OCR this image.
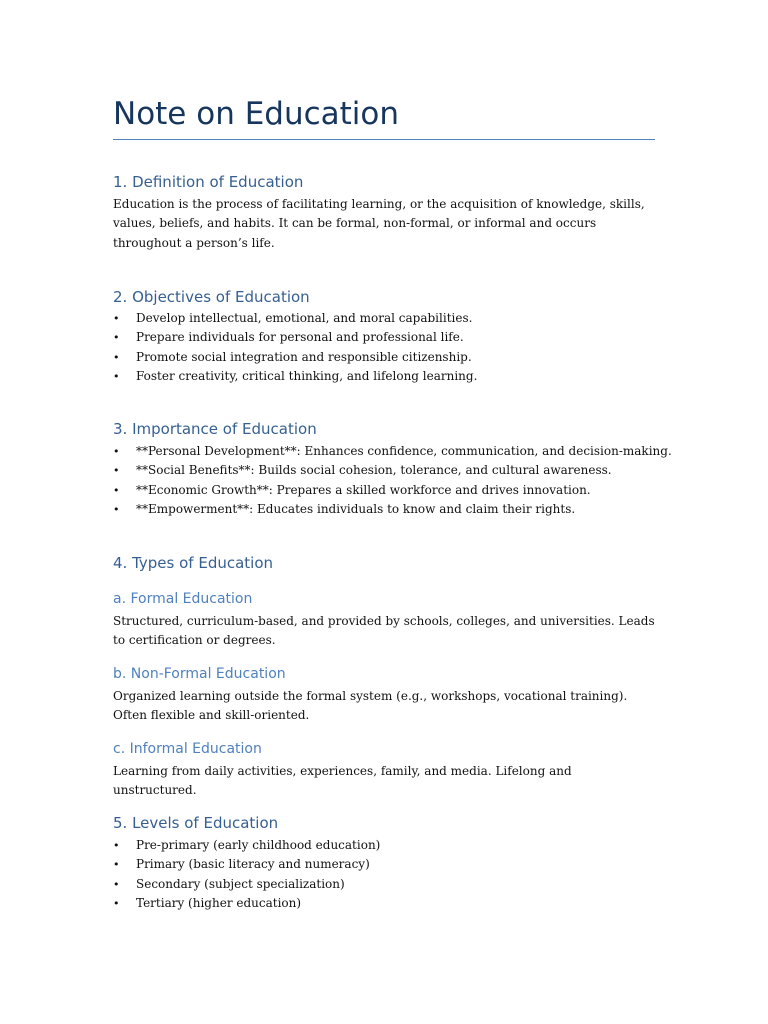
Note on Education
1. Definition of Education

Education is the process of facilitating learning, or the acquisition of knowledge, skills, values, beliefs, and habits. It can be formal, non-formal, or informal and occurs throughout a person’s life.

2. Objectives of Education
• Develop intellectual, emotional, and moral capabilities.
• Prepare individuals for personal and professional life.
• Promote social integration and responsible citizenship.
• Foster creativity, critical thinking, and lifelong learning.
3. Importance of Education
• **Personal Development**: Enhances confidence, communication, and decision-making.
• **Social Benefits**: Builds social cohesion, tolerance, and cultural awareness.
• **Economic Growth**: Prepares a skilled workforce and drives innovation.
• **Empowerment**: Educates individuals to know and claim their rights.
4. Types of Education
a. Formal Education

Structured, curriculum-based, and provided by schools, colleges, and universities. Leads to certification or degrees.

b. Non-Formal Education

Organized learning outside the formal system (e.g., workshops, vocational training). Often flexible and skill-oriented.

c. Informal Education

Learning from daily activities, experiences, family, and media. Lifelong and unstructured.

5. Levels of Education
• Pre-primary (early childhood education)
• Primary (basic literacy and numeracy)
• Secondary (subject specialization)
• Tertiary (higher education)
